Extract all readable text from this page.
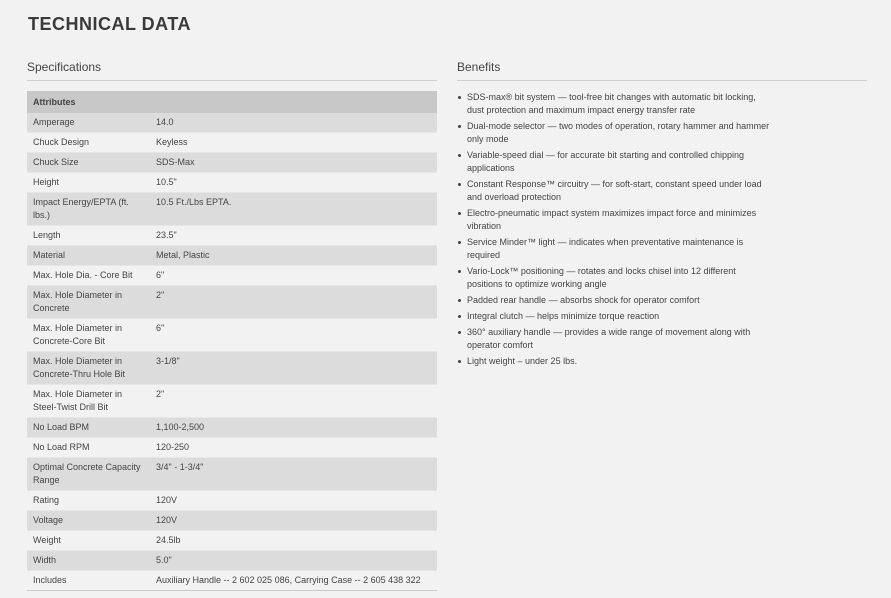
TECHNICAL DATA
Specifications
Attributes	
Amperage	14.0
Chuck Design	Keyless
Chuck Size	SDS-Max
Height	10.5"
Impact Energy/EPTA (ft. lbs.)	10.5 Ft./Lbs EPTA.
Length	23.5"
Material	Metal, Plastic
Max. Hole Dia. - Core Bit	6"
Max. Hole Diameter in Concrete	2"
Max. Hole Diameter in Concrete-Core Bit	6"
Max. Hole Diameter in Concrete-Thru Hole Bit	3-1/8"
Max. Hole Diameter in Steel-Twist Drill Bit	2"
No Load BPM	1,100-2,500
No Load RPM	120-250
Optimal Concrete Capacity Range	3/4" - 1-3/4"
Rating	120V
Voltage	120V
Weight	24.5lb
Width	5.0"
Includes	Auxiliary Handle -- 2 602 025 086, Carrying Case -- 2 605 438 322
Benefits
SDS-max® bit system — tool-free bit changes with automatic bit locking, dust protection and maximum impact energy transfer rate
Dual-mode selector — two modes of operation, rotary hammer and hammer only mode
Variable-speed dial — for accurate bit starting and controlled chipping applications
Constant Response™ circuitry — for soft-start, constant speed under load and overload protection
Electro-pneumatic impact system maximizes impact force and minimizes vibration
Service Minder™ light — indicates when preventative maintenance is required
Vario-Lock™ positioning — rotates and locks chisel into 12 different positions to optimize working angle
Padded rear handle — absorbs shock for operator comfort
Integral clutch — helps minimize torque reaction
360° auxiliary handle — provides a wide range of movement along with operator comfort
Light weight – under 25 lbs.
